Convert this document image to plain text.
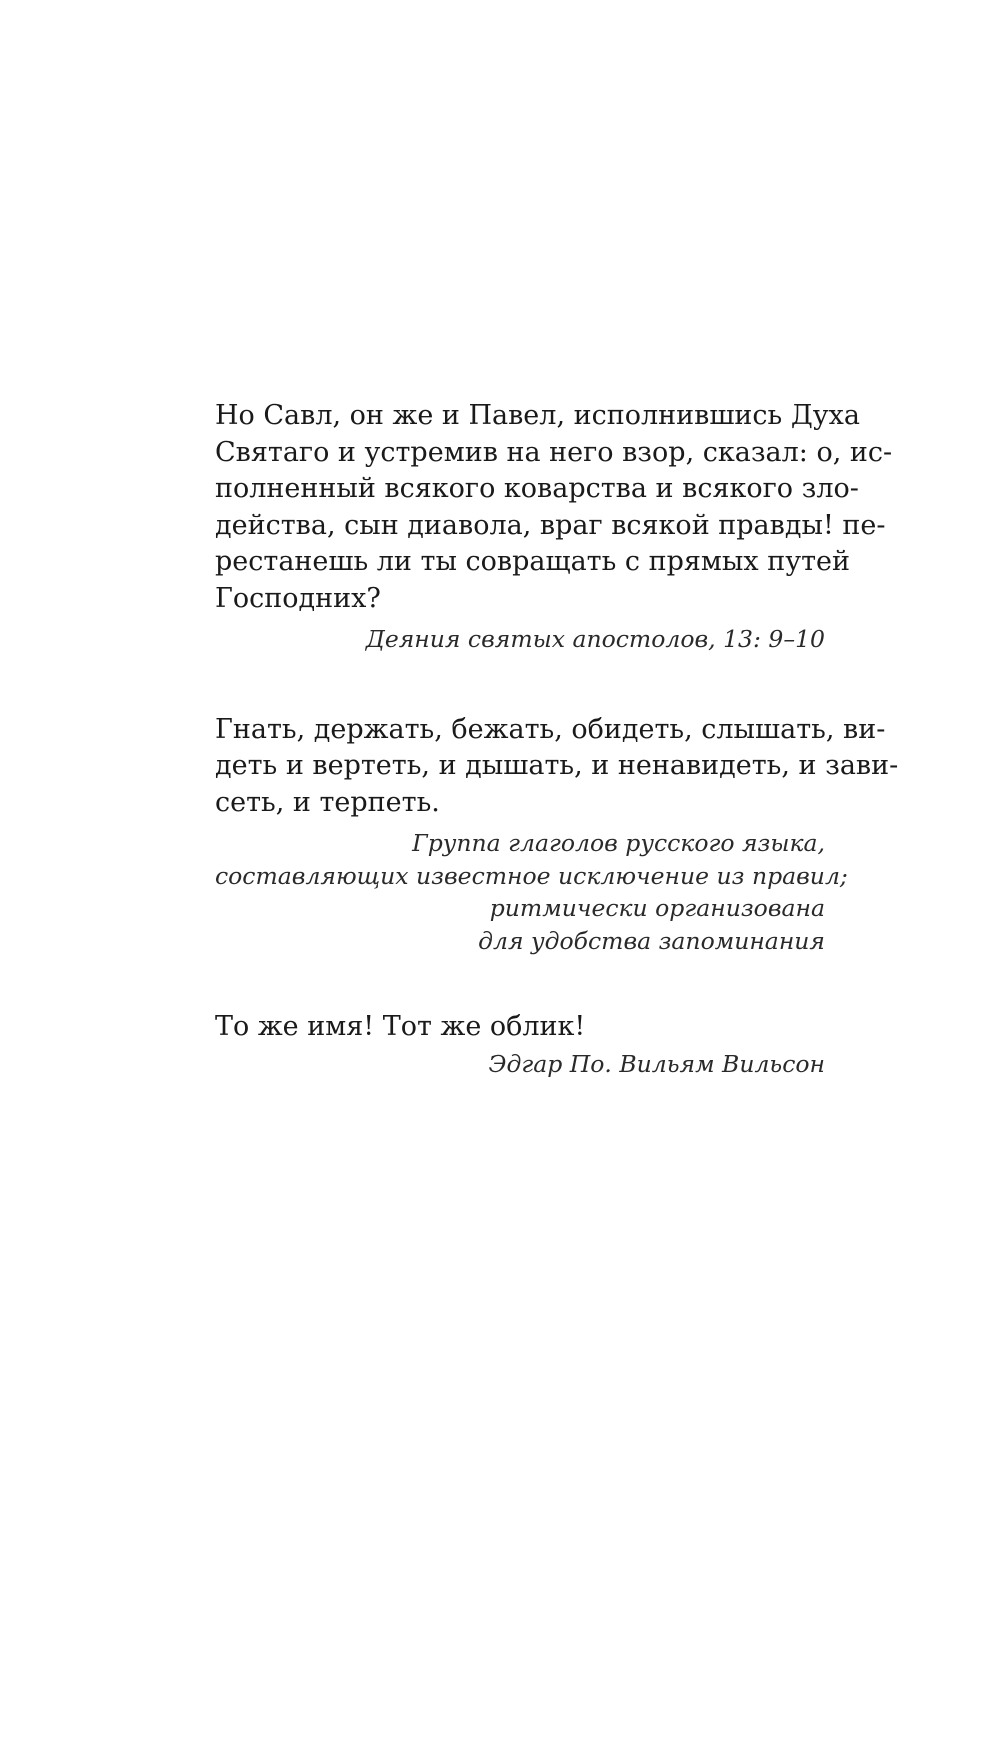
Но Савл, он же и Павел, исполнившись Духа
Святаго и устремив на него взор, сказал: о, ис-
полненный всякого коварства и всякого зло-
действа, сын диавола, враг всякой правды! пе-
рестанешь ли ты совращать с прямых путей
Господних?

Деяния святых апостолов, 13: 9–10

Гнать, держать, бежать, обидеть, слышать, ви-
деть и вертеть, и дышать, и ненавидеть, и зави-
сеть, и терпеть.

Группа глаголов русского языка,
составляющих известное исключение из правил;
ритмически организована
для удобства запоминания

То же имя! Тот же облик!

Эдгар По. Вильям Вильсон
